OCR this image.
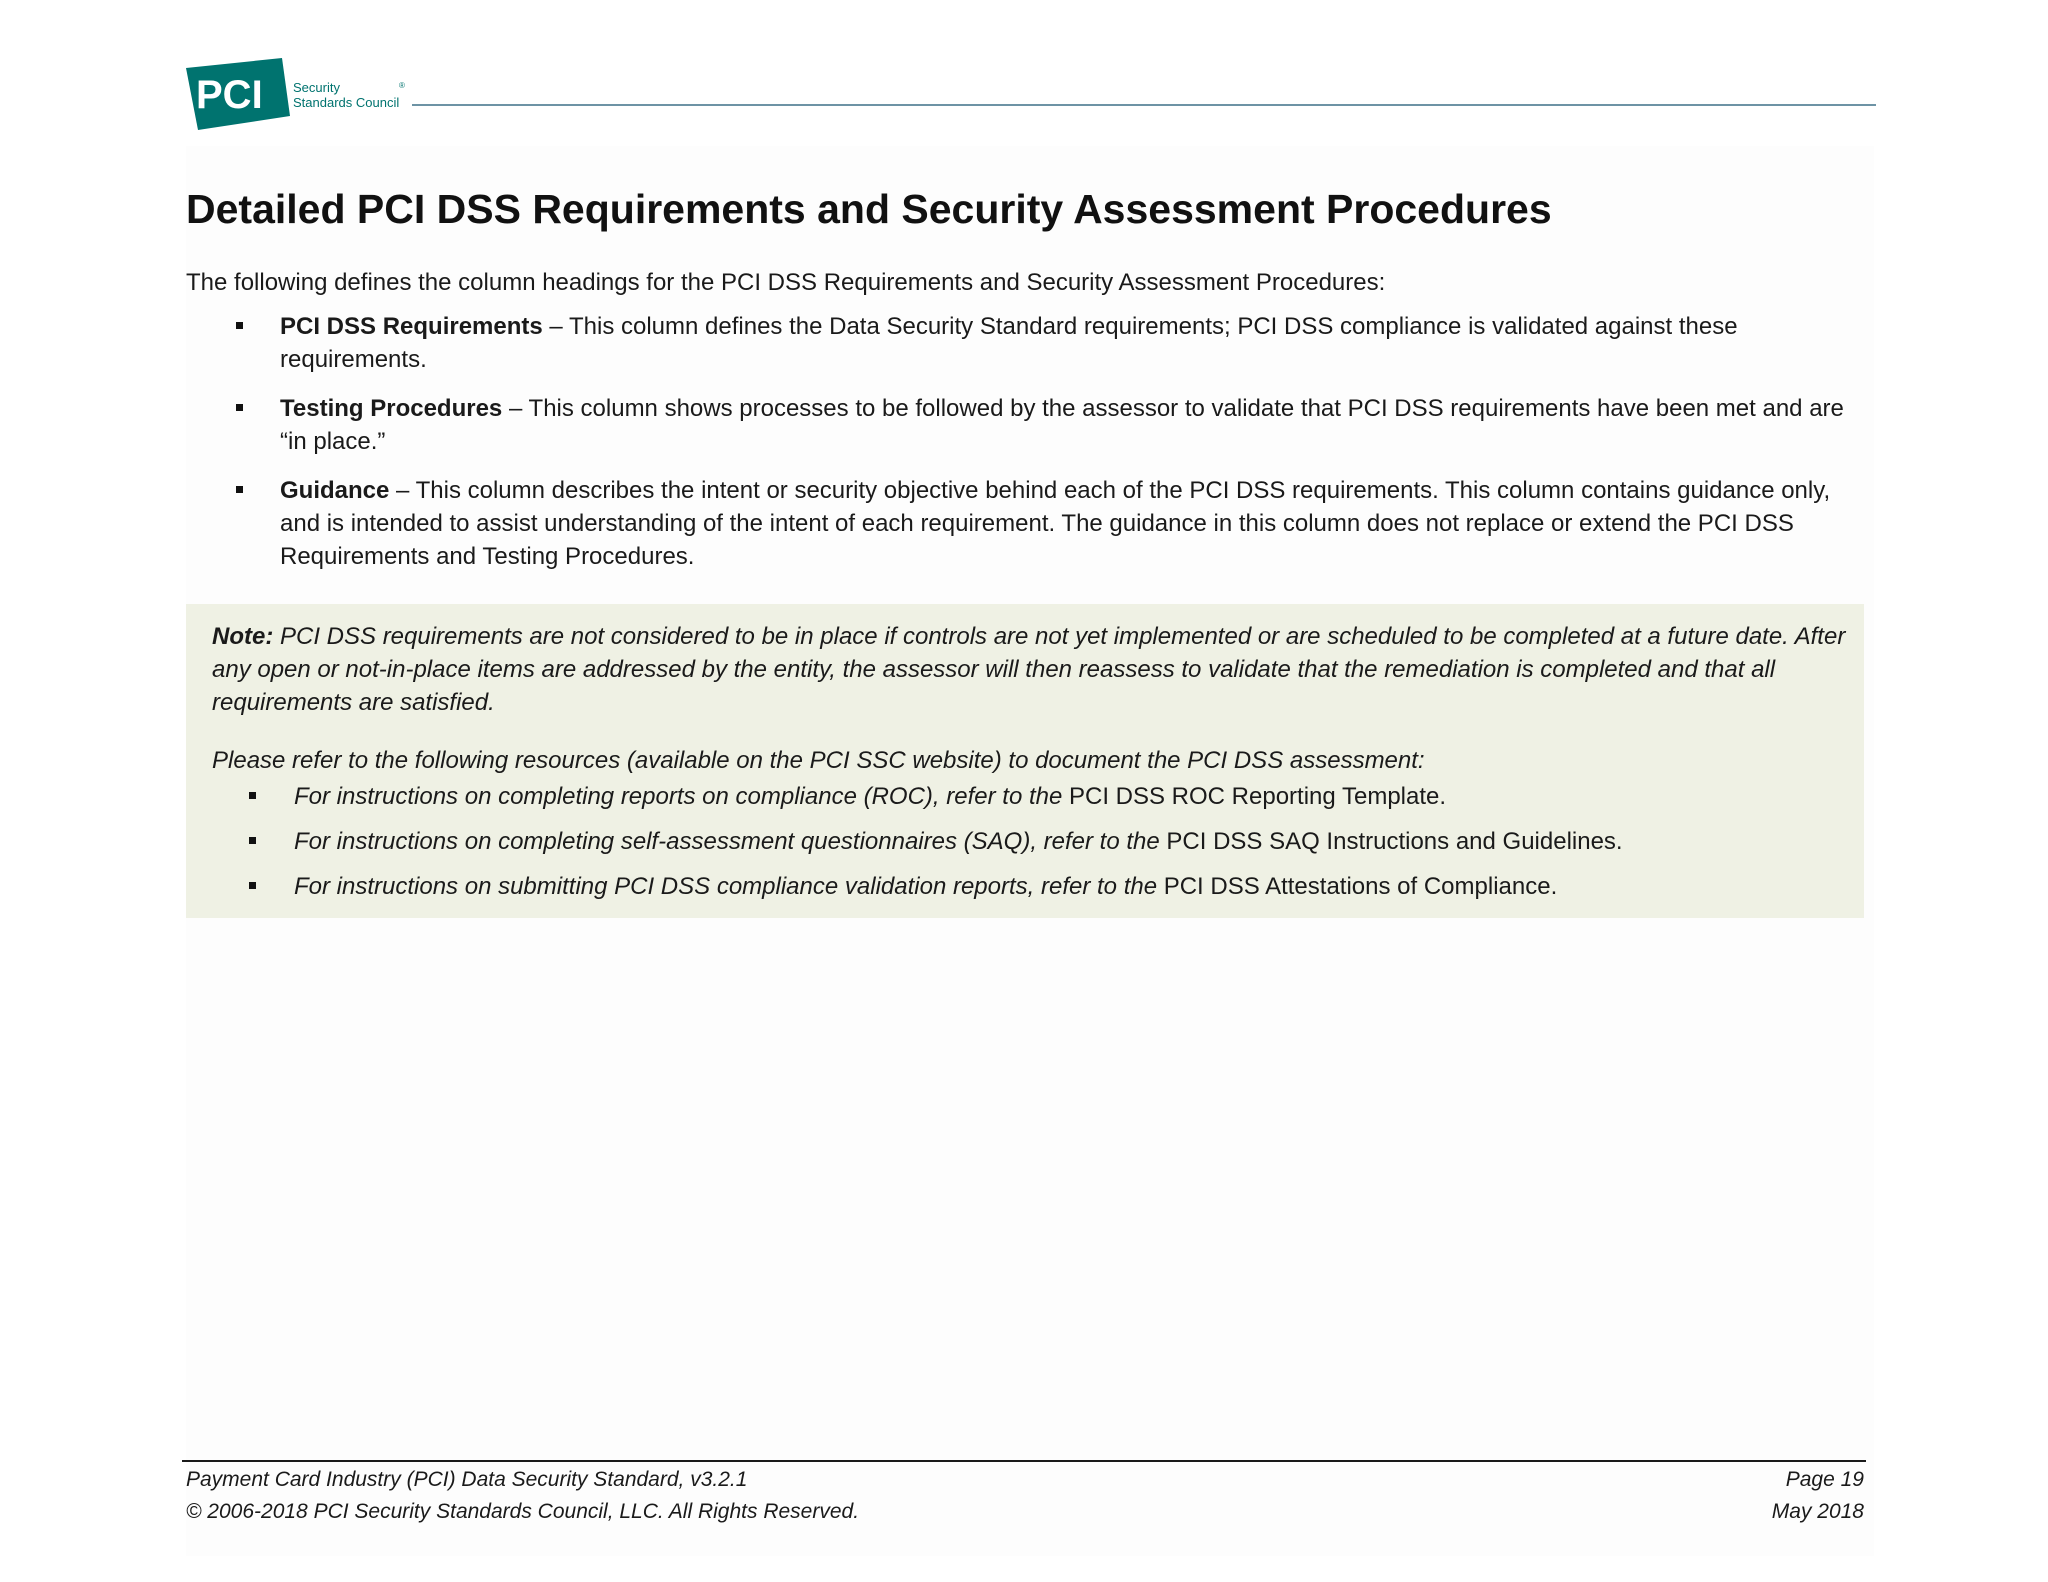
PCI Security
Standards Council
®
Detailed PCI DSS Requirements and Security Assessment Procedures

The following defines the column headings for the PCI DSS Requirements and Security Assessment Procedures:

PCI DSS Requirements – This column defines the Data Security Standard requirements; PCI DSS compliance is validated against these requirements.
Testing Procedures – This column shows processes to be followed by the assessor to validate that PCI DSS requirements have been met and are “in place.”
Guidance – This column describes the intent or security objective behind each of the PCI DSS requirements. This column contains guidance only, and is intended to assist understanding of the intent of each requirement. The guidance in this column does not replace or extend the PCI DSS Requirements and Testing Procedures.

Note: PCI DSS requirements are not considered to be in place if controls are not yet implemented or are scheduled to be completed at a future date. After any open or not-in-place items are addressed by the entity, the assessor will then reassess to validate that the remediation is completed and that all requirements are satisfied.

Please refer to the following resources (available on the PCI SSC website) to document the PCI DSS assessment:

For instructions on completing reports on compliance (ROC), refer to the PCI DSS ROC Reporting Template.
For instructions on completing self-assessment questionnaires (SAQ), refer to the PCI DSS SAQ Instructions and Guidelines.
For instructions on submitting PCI DSS compliance validation reports, refer to the PCI DSS Attestations of Compliance.
Payment Card Industry (PCI) Data Security Standard, v3.2.1
© 2006-2018 PCI Security Standards Council, LLC. All Rights Reserved.
Page 19
May 2018
